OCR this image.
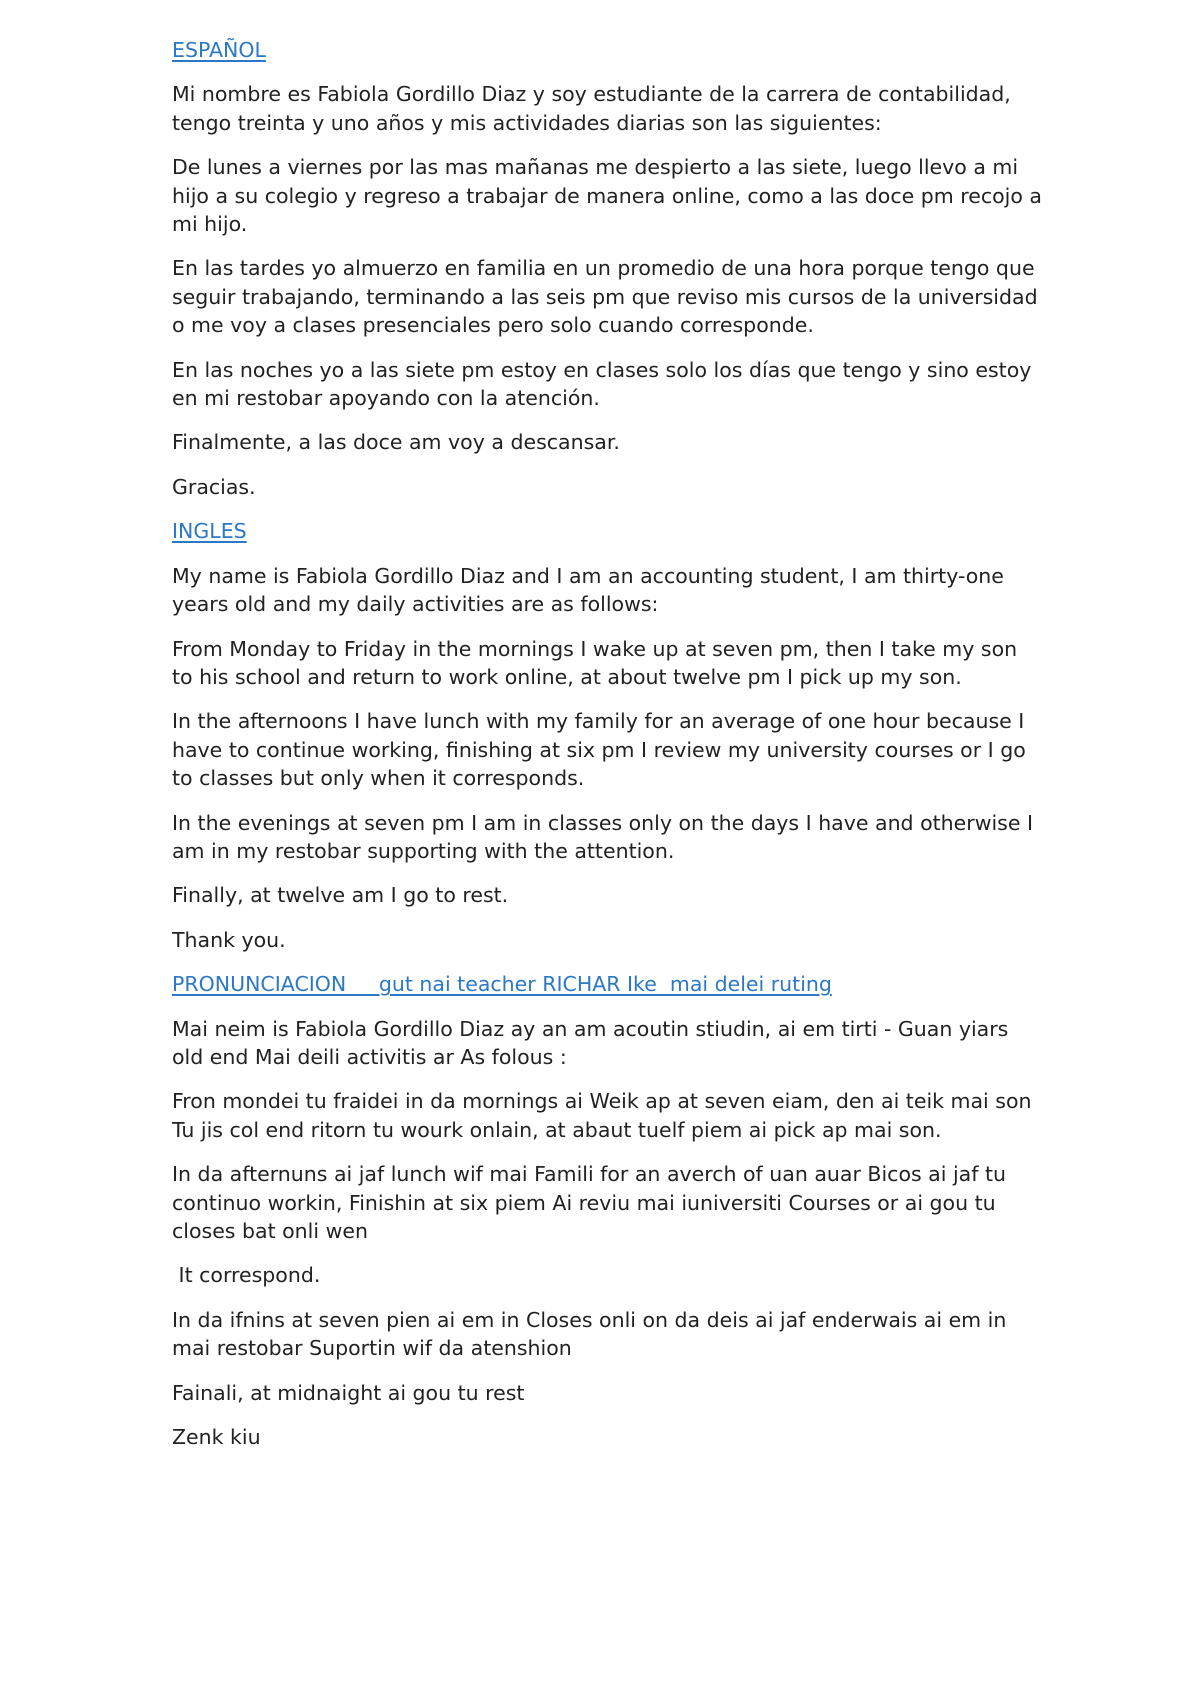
ESPAÑOL

Mi nombre es Fabiola Gordillo Diaz y soy estudiante de la carrera de contabilidad, tengo treinta y uno años y mis actividades diarias son las siguientes:

De lunes a viernes por las mas mañanas me despierto a las siete, luego llevo a mi hijo a su colegio y regreso a trabajar de manera online, como a las doce pm recojo a mi hijo.

En las tardes yo almuerzo en familia en un promedio de una hora porque tengo que seguir trabajando, terminando a las seis pm que reviso mis cursos de la universidad o me voy a clases presenciales pero solo cuando corresponde.

En las noches yo a las siete pm estoy en clases solo los días que tengo y sino estoy en mi restobar apoyando con la atención.

Finalmente, a las doce am voy a descansar.

Gracias.

INGLES

My name is Fabiola Gordillo Diaz and I am an accounting student, I am thirty-one years old and my daily activities are as follows:

From Monday to Friday in the mornings I wake up at seven pm, then I take my son to his school and return to work online, at about twelve pm I pick up my son.

In the afternoons I have lunch with my family for an average of one hour because I have to continue working, finishing at six pm I review my university courses or I go to classes but only when it corresponds.

In the evenings at seven pm I am in classes only on the days I have and otherwise I am in my restobar supporting with the attention.

Finally, at twelve am I go to rest.

Thank you.

PRONUNCIACION     gut nai teacher RICHAR Ike  mai delei ruting

Mai neim is Fabiola Gordillo Diaz ay an am acoutin stiudin, ai em tirti - Guan yiars old end Mai deili activitis ar As folous :

Fron mondei tu fraidei in da mornings ai Weik ap at seven eiam, den ai teik mai son Tu jis col end ritorn tu wourk onlain, at abaut tuelf piem ai pick ap mai son.

In da afternuns ai jaf lunch wif mai Famili for an averch of uan auar Bicos ai jaf tu continuo workin, Finishin at six piem Ai reviu mai iuniversiti Courses or ai gou tu closes bat onli wen

It correspond.

In da ifnins at seven pien ai em in Closes onli on da deis ai jaf enderwais ai em in mai restobar Suportin wif da atenshion

Fainali, at midnaight ai gou tu rest

Zenk kiu
